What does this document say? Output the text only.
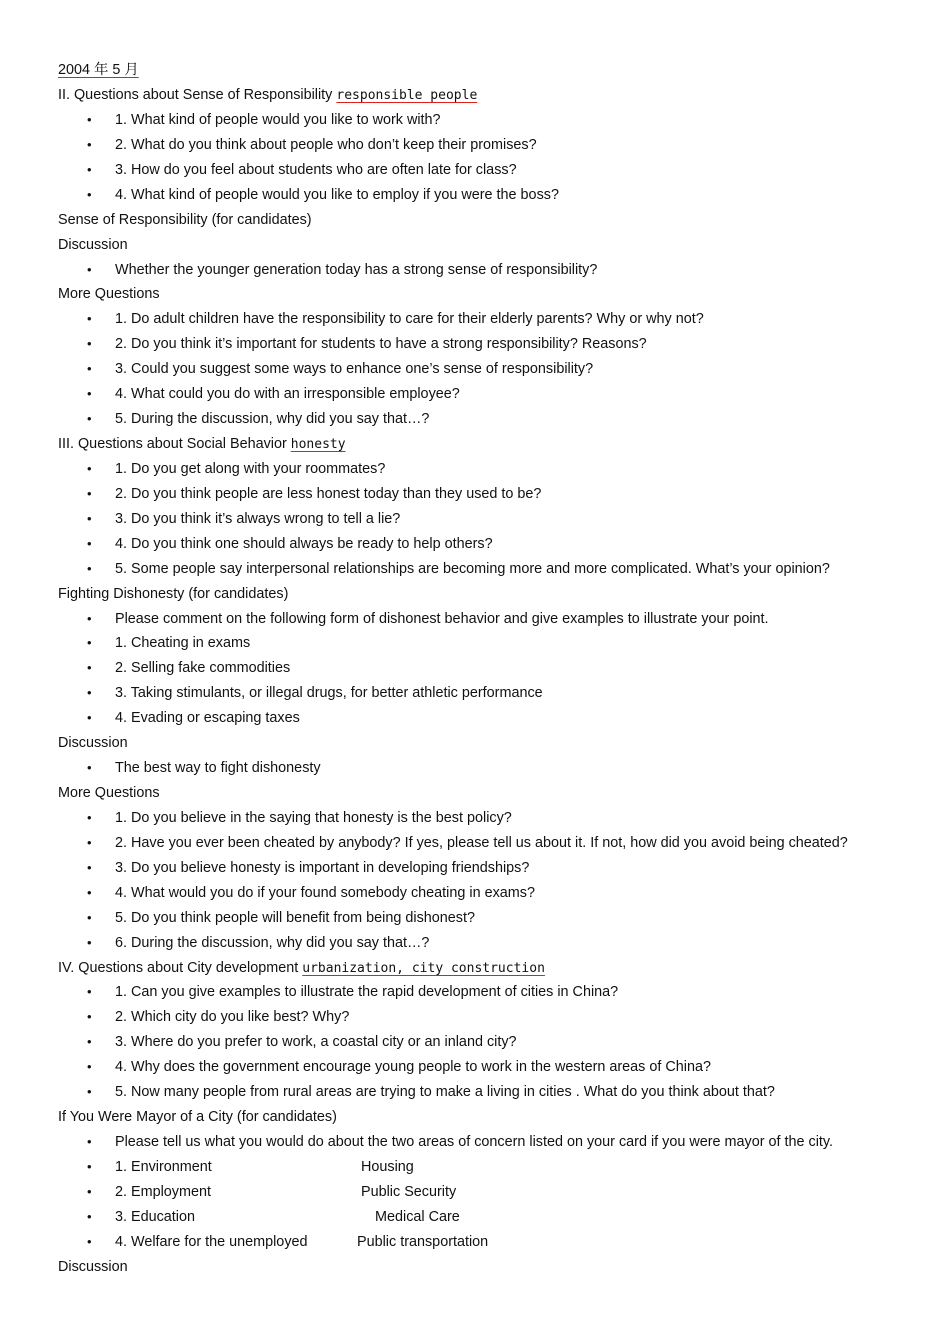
2004 年 5 月
II. Questions about Sense of Responsibility responsible people
• 1. What kind of people would you like to work with?
• 2. What do you think about people who don’t keep their promises?
• 3. How do you feel about students who are often late for class?
• 4. What kind of people would you like to employ if you were the boss?
Sense of Responsibility (for candidates)
Discussion
• Whether the younger generation today has a strong sense of responsibility?
More Questions
• 1. Do adult children have the responsibility to care for their elderly parents? Why or why not?
• 2. Do you think it’s important for students to have a strong responsibility? Reasons?
• 3. Could you suggest some ways to enhance one’s sense of responsibility?
• 4. What could you do with an irresponsible employee?
• 5. During the discussion, why did you say that…?
III. Questions about Social Behavior honesty
• 1. Do you get along with your roommates?
• 2. Do you think people are less honest today than they used to be?
• 3. Do you think it’s always wrong to tell a lie?
• 4. Do you think one should always be ready to help others?
• 5. Some people say interpersonal relationships are becoming more and more complicated. What’s your opinion?
Fighting Dishonesty (for candidates)
• Please comment on the following form of dishonest behavior and give examples to illustrate your point.
• 1. Cheating in exams
• 2. Selling fake commodities
• 3. Taking stimulants, or illegal drugs, for better athletic performance
• 4. Evading or escaping taxes
Discussion
• The best way to fight dishonesty
More Questions
• 1. Do you believe in the saying that honesty is the best policy?
• 2. Have you ever been cheated by anybody? If yes, please tell us about it. If not, how did you avoid being cheated?
• 3. Do you believe honesty is important in developing friendships?
• 4. What would you do if your found somebody cheating in exams?
• 5. Do you think people will benefit from being dishonest?
• 6. During the discussion, why did you say that…?
IV. Questions about City development urbanization, city construction
• 1. Can you give examples to illustrate the rapid development of cities in China?
• 2. Which city do you like best? Why?
• 3. Where do you prefer to work, a coastal city or an inland city?
• 4. Why does the government encourage young people to work in the western areas of China?
• 5. Now many people from rural areas are trying to make a living in cities . What do you think about that?
If You Were Mayor of a City (for candidates)
• Please tell us what you would do about the two areas of concern listed on your card if you were mayor of the city.
• 1. Environment	Housing
• 2. Employment	Public Security
• 3. Education	Medical Care
• 4. Welfare for the unemployed	Public transportation
Discussion
